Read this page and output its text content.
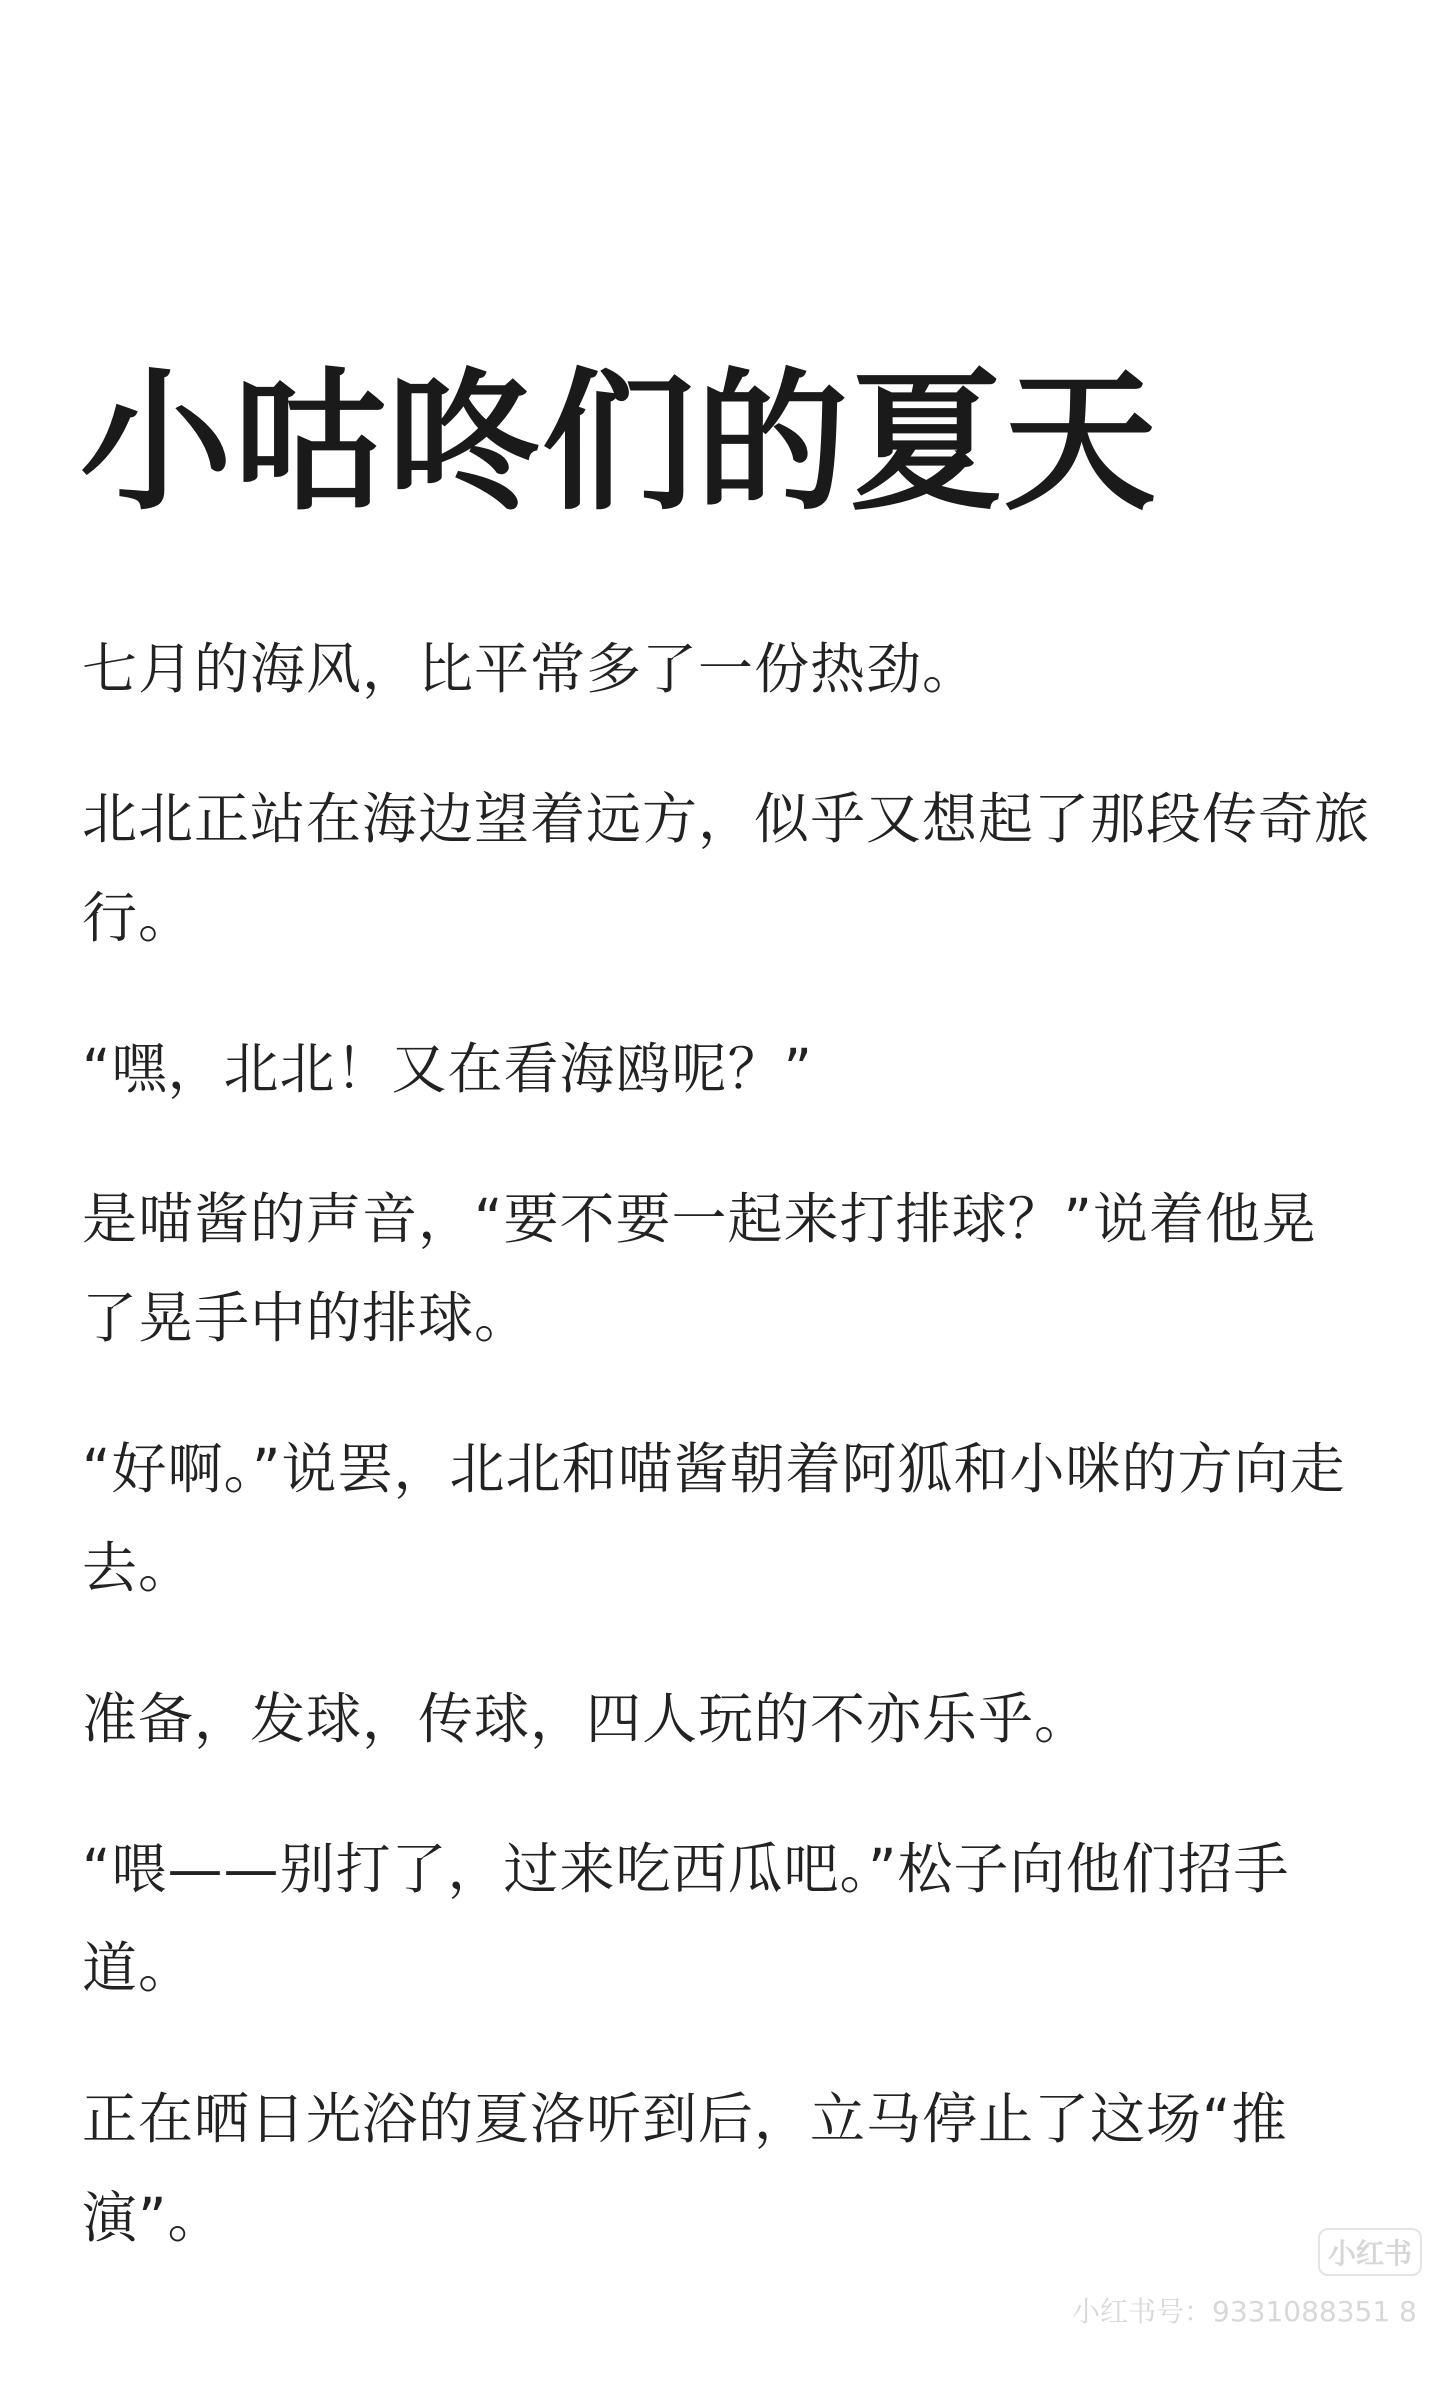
小咕咚们的夏天

七月的海风，比平常多了一份热劲。

北北正站在海边望着远方，似乎又想起了那段传奇旅行。

“嘿，北北！又在看海鸥呢？”

是喵酱的声音，“要不要一起来打排球？”说着他晃了晃手中的排球。

“好啊。”说罢，北北和喵酱朝着阿狐和小咪的方向走去。

准备，发球，传球，四人玩的不亦乐乎。

“喂——别打了，过来吃西瓜吧。”松子向他们招手道。

正在晒日光浴的夏洛听到后，立马停止了这场“推演”。

小红书
小红书号：9331088351 8
